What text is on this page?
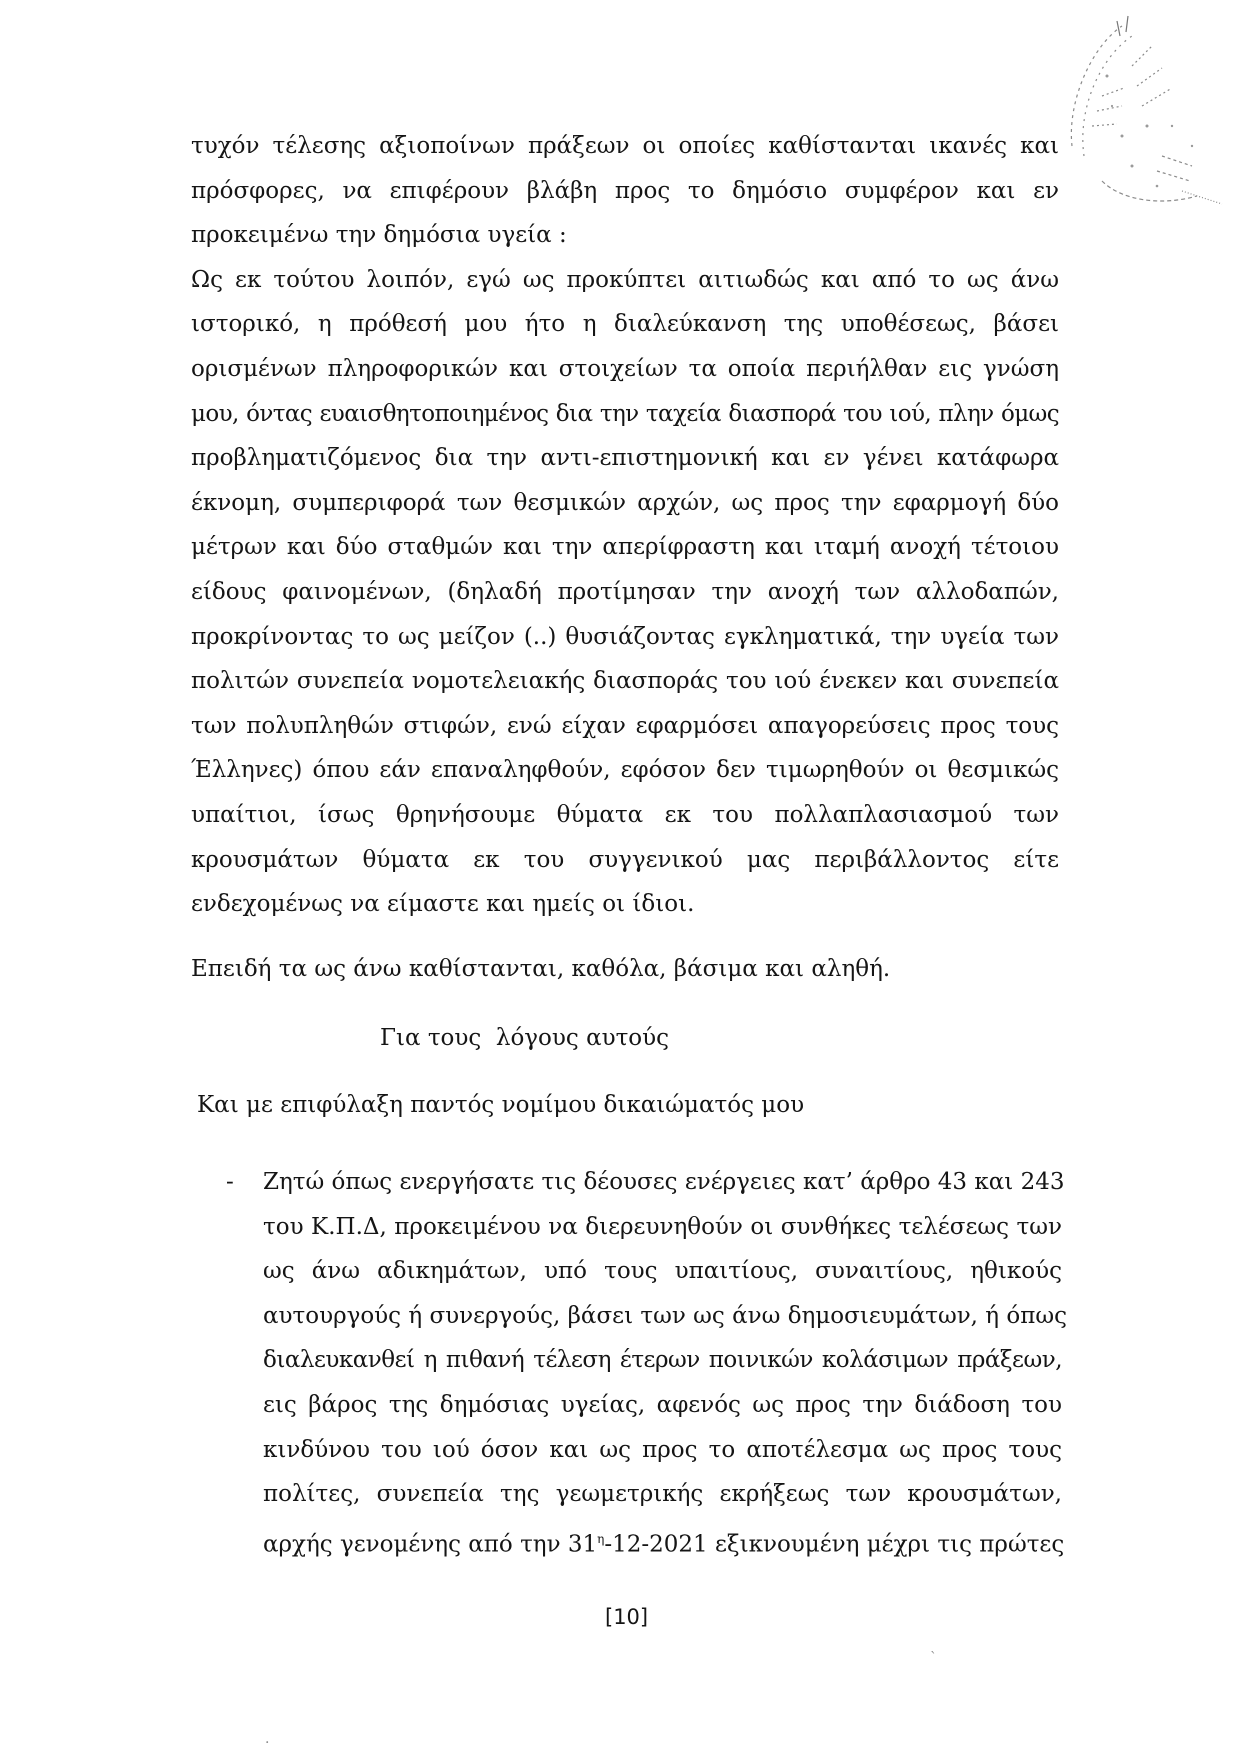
τυχόν τέλεσης αξιοποίνων πράξεων οι οποίες καθίστανται ικανές και
πρόσφορες, να επιφέρουν βλάβη προς το δημόσιο συμφέρον και εν
προκειμένω την δημόσια υγεία :
Ως εκ τούτου λοιπόν, εγώ ως προκύπτει αιτιωδώς και από το ως άνω
ιστορικό, η πρόθεσή μου ήτο η διαλεύκανση της υποθέσεως, βάσει
ορισμένων πληροφορικών και στοιχείων τα οποία περιήλθαν εις γνώση
μου, όντας ευαισθητοποιημένος δια την ταχεία διασπορά του ιού, πλην όμως
προβληματιζόμενος δια την αντι-επιστημονική και εν γένει κατάφωρα
έκνομη, συμπεριφορά των θεσμικών αρχών, ως προς την εφαρμογή δύο
μέτρων και δύο σταθμών και την απερίφραστη και ιταμή ανοχή τέτοιου
είδους φαινομένων, (δηλαδή προτίμησαν την ανοχή των αλλοδαπών,
προκρίνοντας το ως μείζον (..) θυσιάζοντας εγκληματικά, την υγεία των
πολιτών συνεπεία νομοτελειακής διασποράς του ιού ένεκεν και συνεπεία
των πολυπληθών στιφών, ενώ είχαν εφαρμόσει απαγορεύσεις προς τους
Έλληνες) όπου εάν επαναληφθούν, εφόσον δεν τιμωρηθούν οι θεσμικώς
υπαίτιοι, ίσως θρηνήσουμε θύματα εκ του πολλαπλασιασμού των
κρουσμάτων θύματα εκ του συγγενικού μας περιβάλλοντος είτε
ενδεχομένως να είμαστε και ημείς οι ίδιοι.
Επειδή τα ως άνω καθίστανται, καθόλα, βάσιμα και αληθή.
Για τους  λόγους αυτούς
Και με επιφύλαξη παντός νομίμου δικαιώματός μου
-	Ζητώ όπως ενεργήσατε τις δέουσες ενέργειες κατ’ άρθρο 43 και 243
του Κ.Π.Δ, προκειμένου να διερευνηθούν οι συνθήκες τελέσεως των
ως άνω αδικημάτων, υπό τους υπαιτίους, συναιτίους, ηθικούς
αυτουργούς ή συνεργούς, βάσει των ως άνω δημοσιευμάτων, ή όπως
διαλευκανθεί η πιθανή τέλεση έτερων ποινικών κολάσιμων πράξεων,
εις βάρος της δημόσιας υγείας, αφενός ως προς την διάδοση του
κινδύνου του ιού όσον και ως προς το αποτέλεσμα ως προς τους
πολίτες, συνεπεία της γεωμετρικής εκρήξεως των κρουσμάτων,
αρχής γενομένης από την $31^\eta-12-2021$ εξικνουμένη μέχρι τις πρώτες
[10]
`
·
